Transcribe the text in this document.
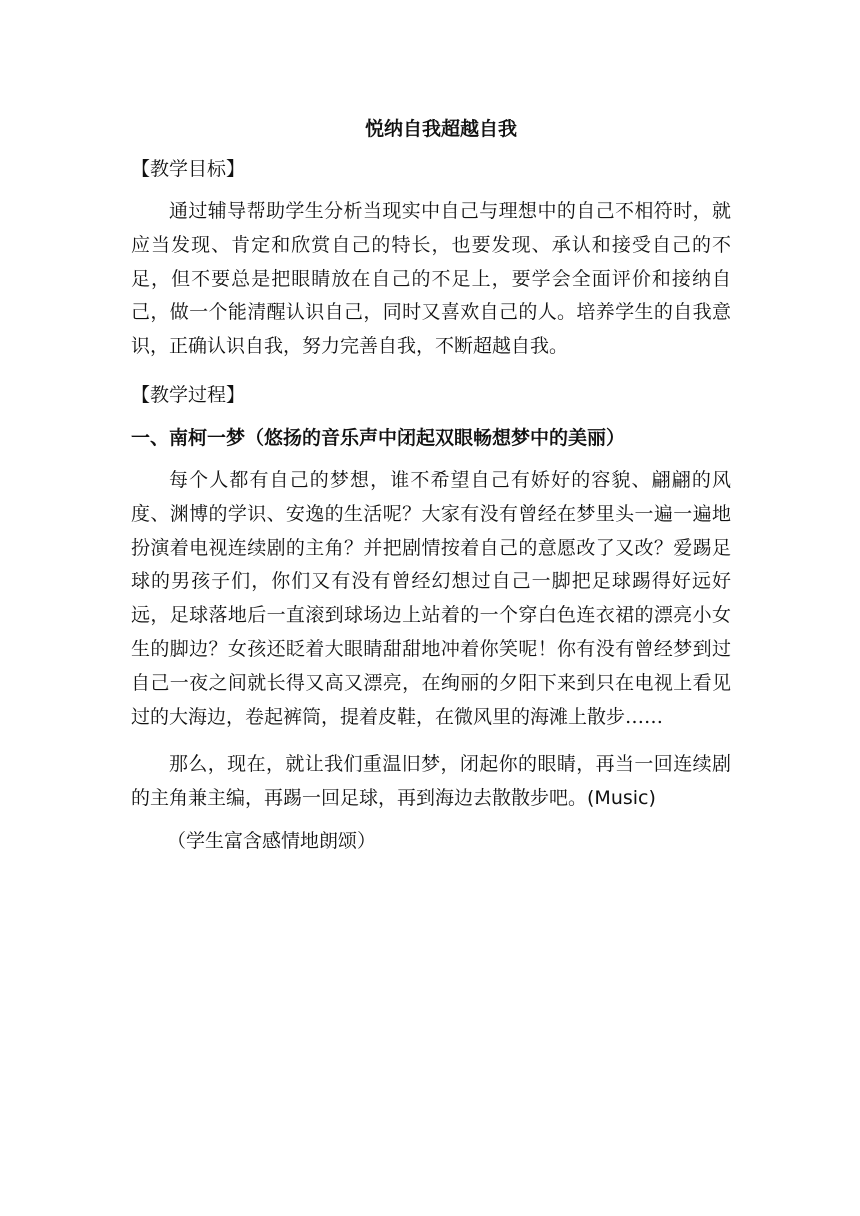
悦纳自我超越自我
【教学目标】

通过辅导帮助学生分析当现实中自己与理想中的自己不相符时，就应当发现、肯定和欣赏自己的特长，也要发现、承认和接受自己的不足，但不要总是把眼睛放在自己的不足上，要学会全面评价和接纳自己，做一个能清醒认识自己，同时又喜欢自己的人。培养学生的自我意识，正确认识自我，努力完善自我，不断超越自我。

【教学过程】
一、南柯一梦（悠扬的音乐声中闭起双眼畅想梦中的美丽）

每个人都有自己的梦想，谁不希望自己有娇好的容貌、翩翩的风度、渊博的学识、安逸的生活呢？大家有没有曾经在梦里头一遍一遍地扮演着电视连续剧的主角？并把剧情按着自己的意愿改了又改？爱踢足球的男孩子们，你们又有没有曾经幻想过自己一脚把足球踢得好远好远，足球落地后一直滚到球场边上站着的一个穿白色连衣裙的漂亮小女生的脚边？女孩还眨着大眼睛甜甜地冲着你笑呢！你有没有曾经梦到过自己一夜之间就长得又高又漂亮，在绚丽的夕阳下来到只在电视上看见过的大海边，卷起裤筒，提着皮鞋，在微风里的海滩上散步……

那么，现在，就让我们重温旧梦，闭起你的眼睛，再当一回连续剧的主角兼主编，再踢一回足球，再到海边去散散步吧。(Music)

（学生富含感情地朗颂）
